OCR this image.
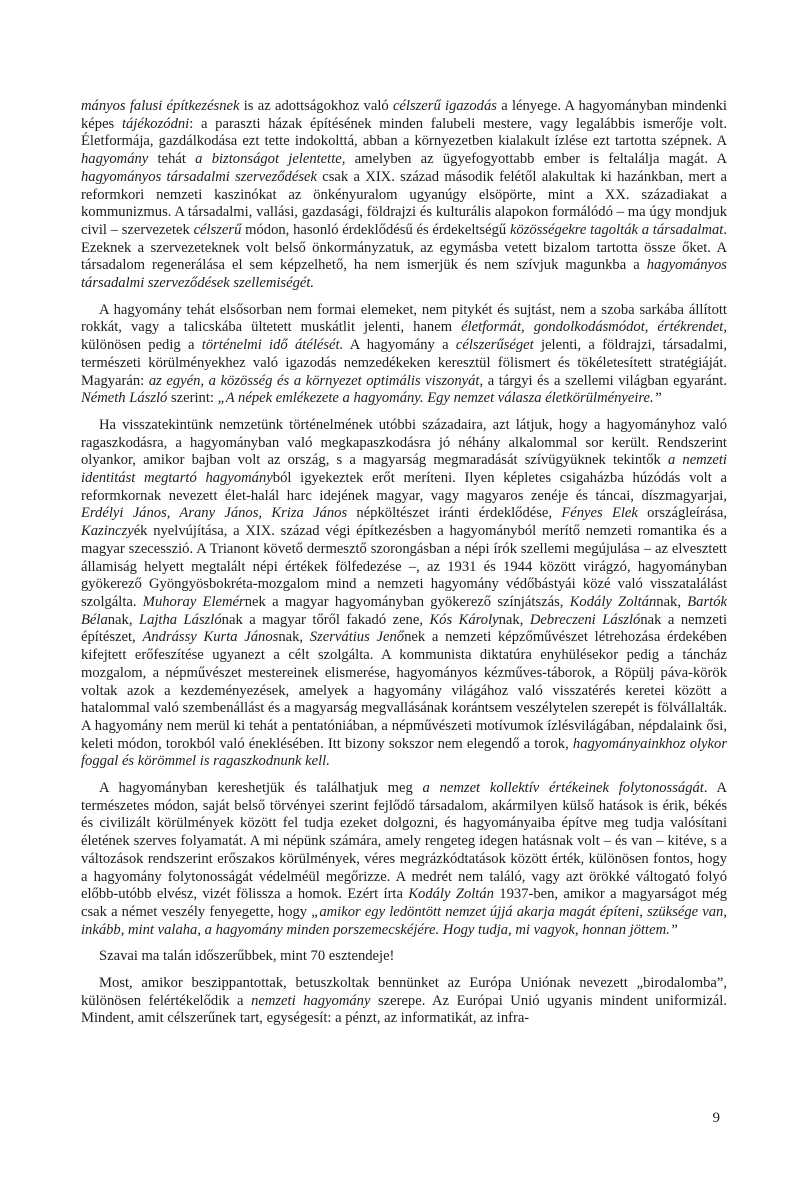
mányos falusi építkezésnek is az adottságokhoz való célszerű igazodás a lényege. A hagyományban mindenki képes tájékozódni: a paraszti házak építésének minden falubeli mestere, vagy legalábbis ismerője volt. Életformája, gazdálkodása ezt tette indokolttá, abban a környezetben kialakult ízlése ezt tartotta szépnek. A hagyomány tehát a biztonságot jelentette, amelyben az ügyefogyottabb ember is feltalálja magát. A hagyományos társadalmi szerveződések csak a XIX. század második felétől alakultak ki hazánkban, mert a reformkori nemzeti kaszinókat az önkényuralom ugyanúgy elsöpörte, mint a XX. századiakat a kommunizmus. A társadalmi, vallási, gazdasági, földrajzi és kulturális alapokon formálódó – ma úgy mondjuk civil – szervezetek célszerű módon, hasonló érdeklődésű és érdekeltségű közösségekre tagolták a társadalmat. Ezeknek a szervezeteknek volt belső önkormányzatuk, az egymásba vetett bizalom tartotta össze őket. A társadalom regenerálása el sem képzelhető, ha nem ismerjük és nem szívjuk magunkba a hagyományos társadalmi szerveződések szellemiségét.

A hagyomány tehát elsősorban nem formai elemeket, nem pitykét és sujtást, nem a szoba sarkába állított rokkát, vagy a talicskába ültetett muskátlit jelenti, hanem életformát, gondolkodásmódot, értékrendet, különösen pedig a történelmi idő átélését. A hagyomány a célszerűséget jelenti, a földrajzi, társadalmi, természeti körülményekhez való igazodás nemzedékeken keresztül fölismert és tökéletesített stratégiáját. Magyarán: az egyén, a közösség és a környezet optimális viszonyát, a tárgyi és a szellemi világban egyaránt. Németh László szerint: „A népek emlékezete a hagyomány. Egy nemzet válasza életkörülményeire.”

Ha visszatekintünk nemzetünk történelmének utóbbi századaira, azt látjuk, hogy a hagyományhoz való ragaszkodásra, a hagyományban való megkapaszkodásra jó néhány alkalommal sor került. Rendszerint olyankor, amikor bajban volt az ország, s a magyarság megmaradását szívügyüknek tekintők a nemzeti identitást megtartó hagyományból igyekeztek erőt meríteni. Ilyen képletes csigaházba húzódás volt a reformkornak nevezett élet-halál harc idejének magyar, vagy magyaros zenéje és táncai, díszmagyarjai, Erdélyi János, Arany János, Kriza János népköltészet iránti érdeklődése, Fényes Elek országleírása, Kazinczyék nyelvújítása, a XIX. század végi építkezésben a hagyományból merítő nemzeti romantika és a magyar szecesszió. A Trianont követő dermesztő szorongásban a népi írók szellemi megújulása – az elvesztett államiság helyett megtalált népi értékek fölfedezése –, az 1931 és 1944 között virágzó, hagyományban gyökerező Gyöngyösbokréta-mozgalom mind a nemzeti hagyomány védőbástyái közé való visszatalálást szolgálta. Muhoray Elemérnek a magyar hagyományban gyökerező színjátszás, Kodály Zoltánnak, Bartók Bélanak, Lajtha Lászlónak a magyar tőről fakadó zene, Kós Károlynak, Debreczeni Lászlónak a nemzeti építészet, Andrássy Kurta Jánosnak, Szervátius Jenőnek a nemzeti képzőművészet létrehozása érdekében kifejtett erőfeszítése ugyanezt a célt szolgálta. A kommunista diktatúra enyhülésekor pedig a táncház mozgalom, a népművészet mestereinek elismerése, hagyományos kézműves-táborok, a Röpülj páva-körök voltak azok a kezdeményezések, amelyek a hagyomány világához való visszatérés keretei között a hatalommal való szembenállást és a magyarság megvallásának korántsem veszélytelen szerepét is fölvállalták. A hagyomány nem merül ki tehát a pentatóniában, a népművészeti motívumok ízlésvilágában, népdalaink ősi, keleti módon, torokból való éneklésében. Itt bizony sokszor nem elegendő a torok, hagyományainkhoz olykor foggal és körömmel is ragaszkodnunk kell.

A hagyományban kereshetjük és találhatjuk meg a nemzet kollektív értékeinek folytonosságát. A természetes módon, saját belső törvényei szerint fejlődő társadalom, akármilyen külső hatások is érik, békés és civilizált körülmények között fel tudja ezeket dolgozni, és hagyományaiba építve meg tudja valósítani életének szerves folyamatát. A mi népünk számára, amely rengeteg idegen hatásnak volt – és van – kitéve, s a változások rendszerint erőszakos körülmények, véres megrázkódtatások között érték, különösen fontos, hogy a hagyomány folytonosságát védelméül megőrizze. A medrét nem találó, vagy azt örökké váltogató folyó előbb-utóbb elvész, vizét fölissza a homok. Ezért írta Kodály Zoltán 1937-ben, amikor a magyarságot még csak a német veszély fenyegette, hogy „amikor egy ledöntött nemzet újjá akarja magát építeni, szüksége van, inkább, mint valaha, a hagyomány minden porszemecskéjére. Hogy tudja, mi vagyok, honnan jöttem.”

Szavai ma talán időszerűbbek, mint 70 esztendeje!

Most, amikor beszippantottak, betuszkoltak bennünket az Európa Uniónak nevezett „birodalomba”, különösen felértékelődik a nemzeti hagyomány szerepe. Az Európai Unió ugyanis mindent uniformizál. Mindent, amit célszerűnek tart, egységesít: a pénzt, az informatikát, az infra-

9
